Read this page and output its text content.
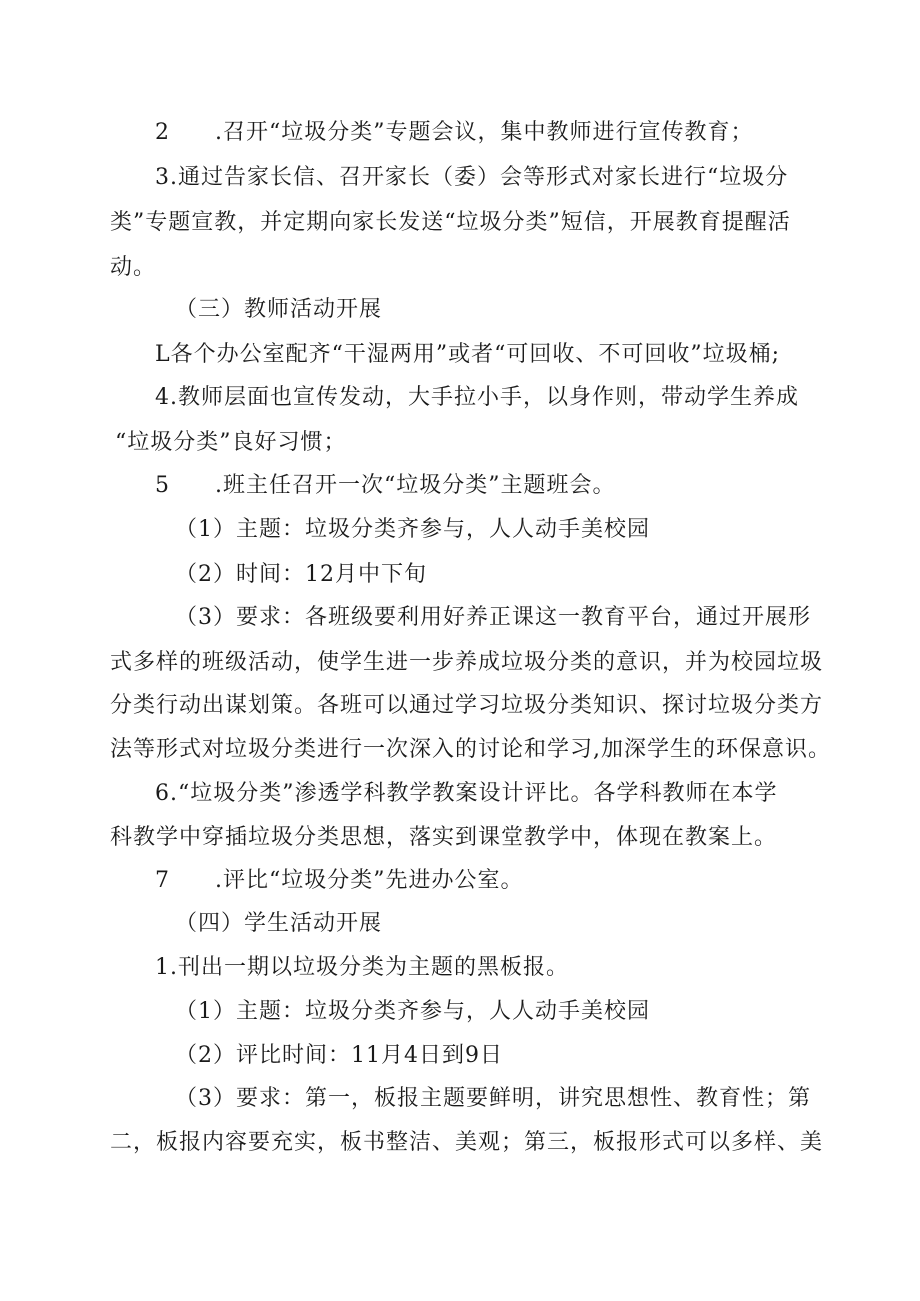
2 .召开“垃圾分类”专题会议，集中教师进行宣传教育；
3.通过告家长信、召开家长（委）会等形式对家长进行“垃圾分
类”专题宣教，并定期向家长发送“垃圾分类”短信，开展教育提醒活
动。
（三）教师活动开展
L各个办公室配齐“干湿两用”或者“可回收、不可回收”垃圾桶;
4.教师层面也宣传发动，大手拉小手，以身作则，带动学生养成
“垃圾分类”良好习惯；
5 .班主任召开一次“垃圾分类”主题班会。
（1）主题：垃圾分类齐参与，人人动手美校园
（2）时间：12月中下旬
（3）要求：各班级要利用好养正课这一教育平台，通过开展形
式多样的班级活动，使学生进一步养成垃圾分类的意识，并为校园垃圾
分类行动出谋划策。各班可以通过学习垃圾分类知识、探讨垃圾分类方
法等形式对垃圾分类进行一次深入的讨论和学习,加深学生的环保意识。
6.“垃圾分类”渗透学科教学教案设计评比。各学科教师在本学
科教学中穿插垃圾分类思想，落实到课堂教学中，体现在教案上。
7 .评比“垃圾分类”先进办公室。
（四）学生活动开展
1.刊出一期以垃圾分类为主题的黑板报。
（1）主题：垃圾分类齐参与，人人动手美校园
（2）评比时间：11月4日到9日
（3）要求：第一，板报主题要鲜明，讲究思想性、教育性；第
二，板报内容要充实，板书整洁、美观；第三，板报形式可以多样、美
